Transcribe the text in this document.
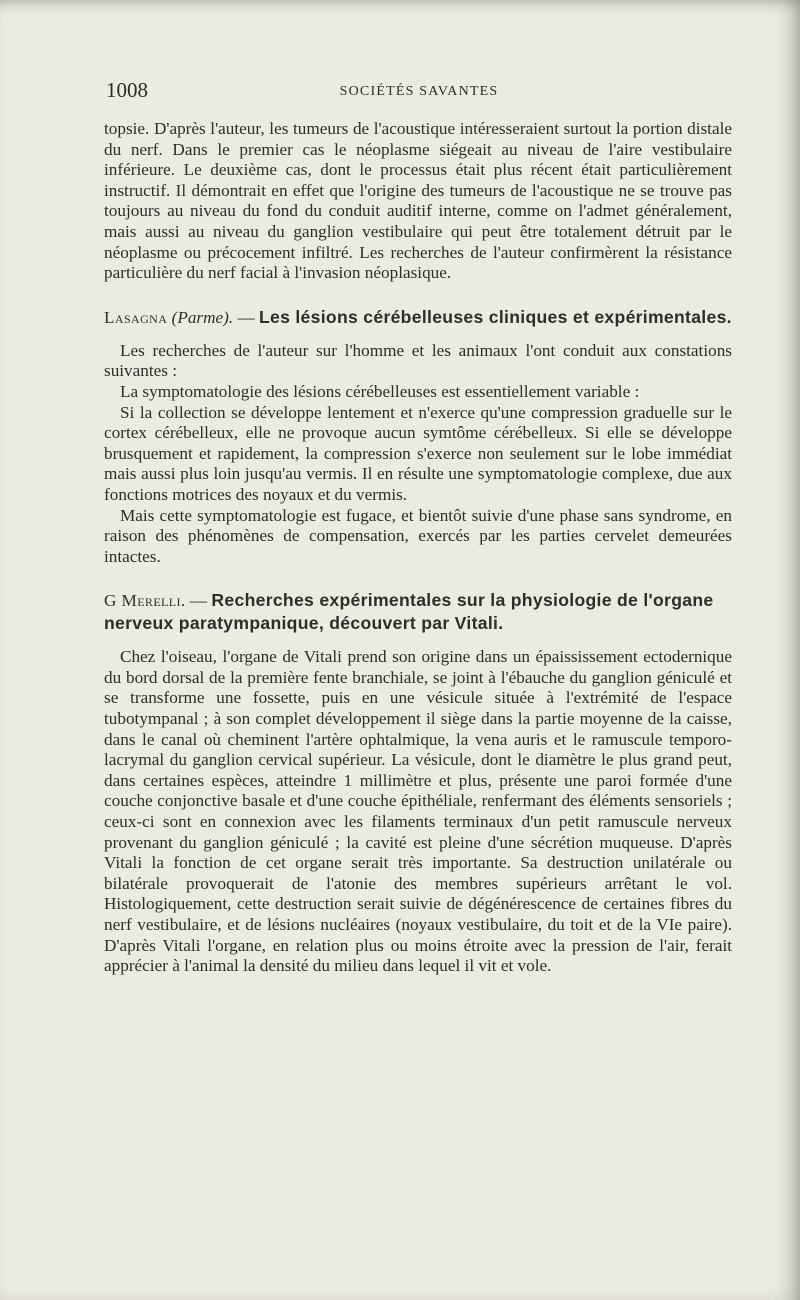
1008	SOCIÉTÉS SAVANTES

topsie. D'après l'auteur, les tumeurs de l'acoustique intéresseraient surtout la portion distale du nerf. Dans le premier cas le néoplasme siégeait au niveau de l'aire vestibulaire inférieure. Le deuxième cas, dont le processus était plus récent était particulièrement instructif. Il démontrait en effet que l'origine des tumeurs de l'acoustique ne se trouve pas toujours au niveau du fond du conduit auditif interne, comme on l'admet généralement, mais aussi au niveau du ganglion vestibulaire qui peut être totalement détruit par le néoplasme ou précocement infiltré. Les recherches de l'auteur confirmèrent la résistance particulière du nerf facial à l'invasion néoplasique.

Lasagna (Parme). — Les lésions cérébelleuses cliniques et expérimentales.

Les recherches de l'auteur sur l'homme et les animaux l'ont conduit aux constations suivantes :

La symptomatologie des lésions cérébelleuses est essentiellement variable :

Si la collection se développe lentement et n'exerce qu'une compression graduelle sur le cortex cérébelleux, elle ne provoque aucun symtôme cérébelleux. Si elle se développe brusquement et rapidement, la compression s'exerce non seulement sur le lobe immédiat mais aussi plus loin jusqu'au vermis. Il en résulte une symptomatologie complexe, due aux fonctions motrices des noyaux et du vermis.

Mais cette symptomatologie est fugace, et bientôt suivie d'une phase sans syndrome, en raison des phénomènes de compensation, exercés par les parties cervelet demeurées intactes.

G Merelli. — Recherches expérimentales sur la physiologie de l'organe nerveux paratympanique, découvert par Vitali.

Chez l'oiseau, l'organe de Vitali prend son origine dans un épaississement ectodernique du bord dorsal de la première fente branchiale, se joint à l'ébauche du ganglion géniculé et se transforme une fossette, puis en une vésicule située à l'extrémité de l'espace tubotympanal ; à son complet développement il siège dans la partie moyenne de la caisse, dans le canal où cheminent l'artère ophtalmique, la vena auris et le ramuscule temporo-lacrymal du ganglion cervical supérieur. La vésicule, dont le diamètre le plus grand peut, dans certaines espèces, atteindre 1 millimètre et plus, présente une paroi formée d'une couche conjonctive basale et d'une couche épithéliale, renfermant des éléments sensoriels ; ceux-ci sont en connexion avec les filaments terminaux d'un petit ramuscule nerveux provenant du ganglion géniculé ; la cavité est pleine d'une sécrétion muqueuse. D'après Vitali la fonction de cet organe serait très importante. Sa destruction unilatérale ou bilatérale provoquerait de l'atonie des membres supérieurs arrêtant le vol. Histologiquement, cette destruction serait suivie de dégénérescence de certaines fibres du nerf vestibulaire, et de lésions nucléaires (noyaux vestibulaire, du toit et de la VIe paire). D'après Vitali l'organe, en relation plus ou moins étroite avec la pression de l'air, ferait apprécier à l'animal la densité du milieu dans lequel il vit et vole.
